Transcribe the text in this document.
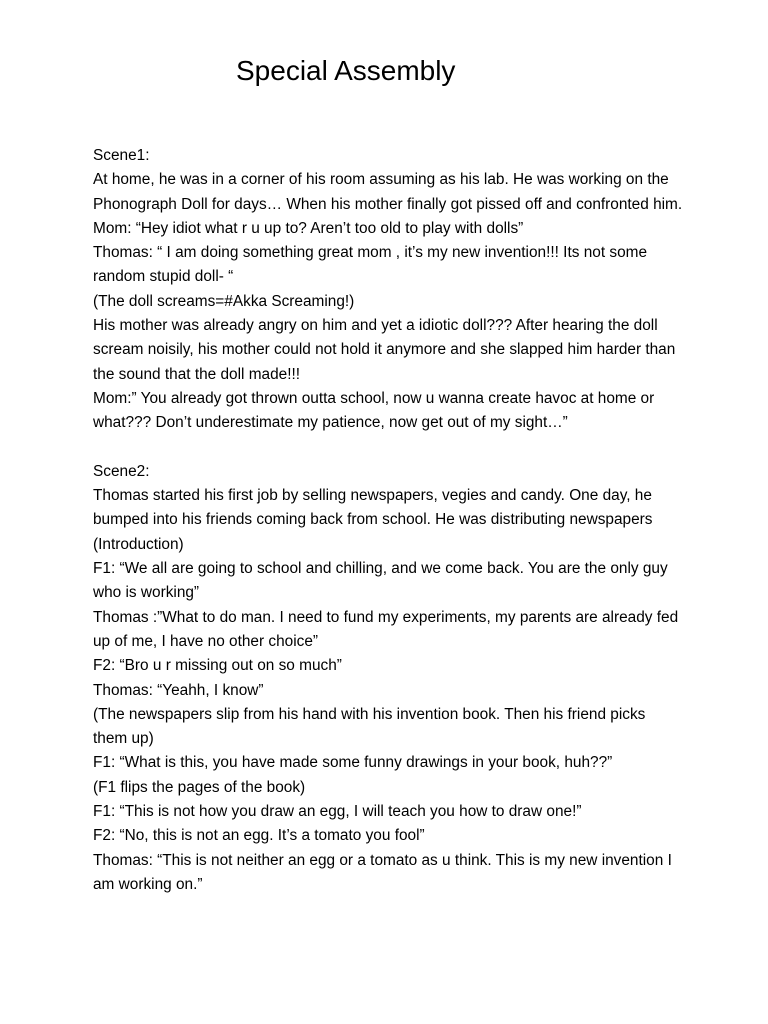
Special Assembly

Scene1:

At home, he was in a corner of his room assuming as his lab. He was working on the Phonograph Doll for days… When his mother finally got pissed off and confronted him.

Mom: “Hey idiot what r u up to? Aren’t too old to play with dolls”

Thomas: “ I am doing something great mom , it’s my new invention!!! Its not some random stupid doll- “

(The doll screams=#Akka Screaming!)

His mother was already angry on him and yet a idiotic doll??? After hearing the doll scream noisily, his mother could not hold it anymore and she slapped him harder than the sound that the doll made!!!

Mom:” You already got thrown outta school, now u wanna create havoc at home or what??? Don’t underestimate my patience, now get out of my sight…”

Scene2:

Thomas started his first job by selling newspapers, vegies and candy. One day, he bumped into his friends coming back from school. He was distributing newspapers

(Introduction)

F1: “We all are going to school and chilling, and we come back. You are the only guy who is working”

Thomas :”What to do man. I need to fund my experiments, my parents are already fed up of me, I have no other choice”

F2: “Bro u r missing out on so much”

Thomas: “Yeahh, I know”

(The newspapers slip from his hand with his invention book. Then his friend picks them up)

F1: “What is this, you have made some funny drawings in your book, huh??”

(F1 flips the pages of the book)

F1: “This is not how you draw an egg, I will teach you how to draw one!”

F2: “No, this is not an egg. It’s a tomato you fool”

Thomas: “This is not neither an egg or a tomato as u think. This is my new invention I am working on.”
